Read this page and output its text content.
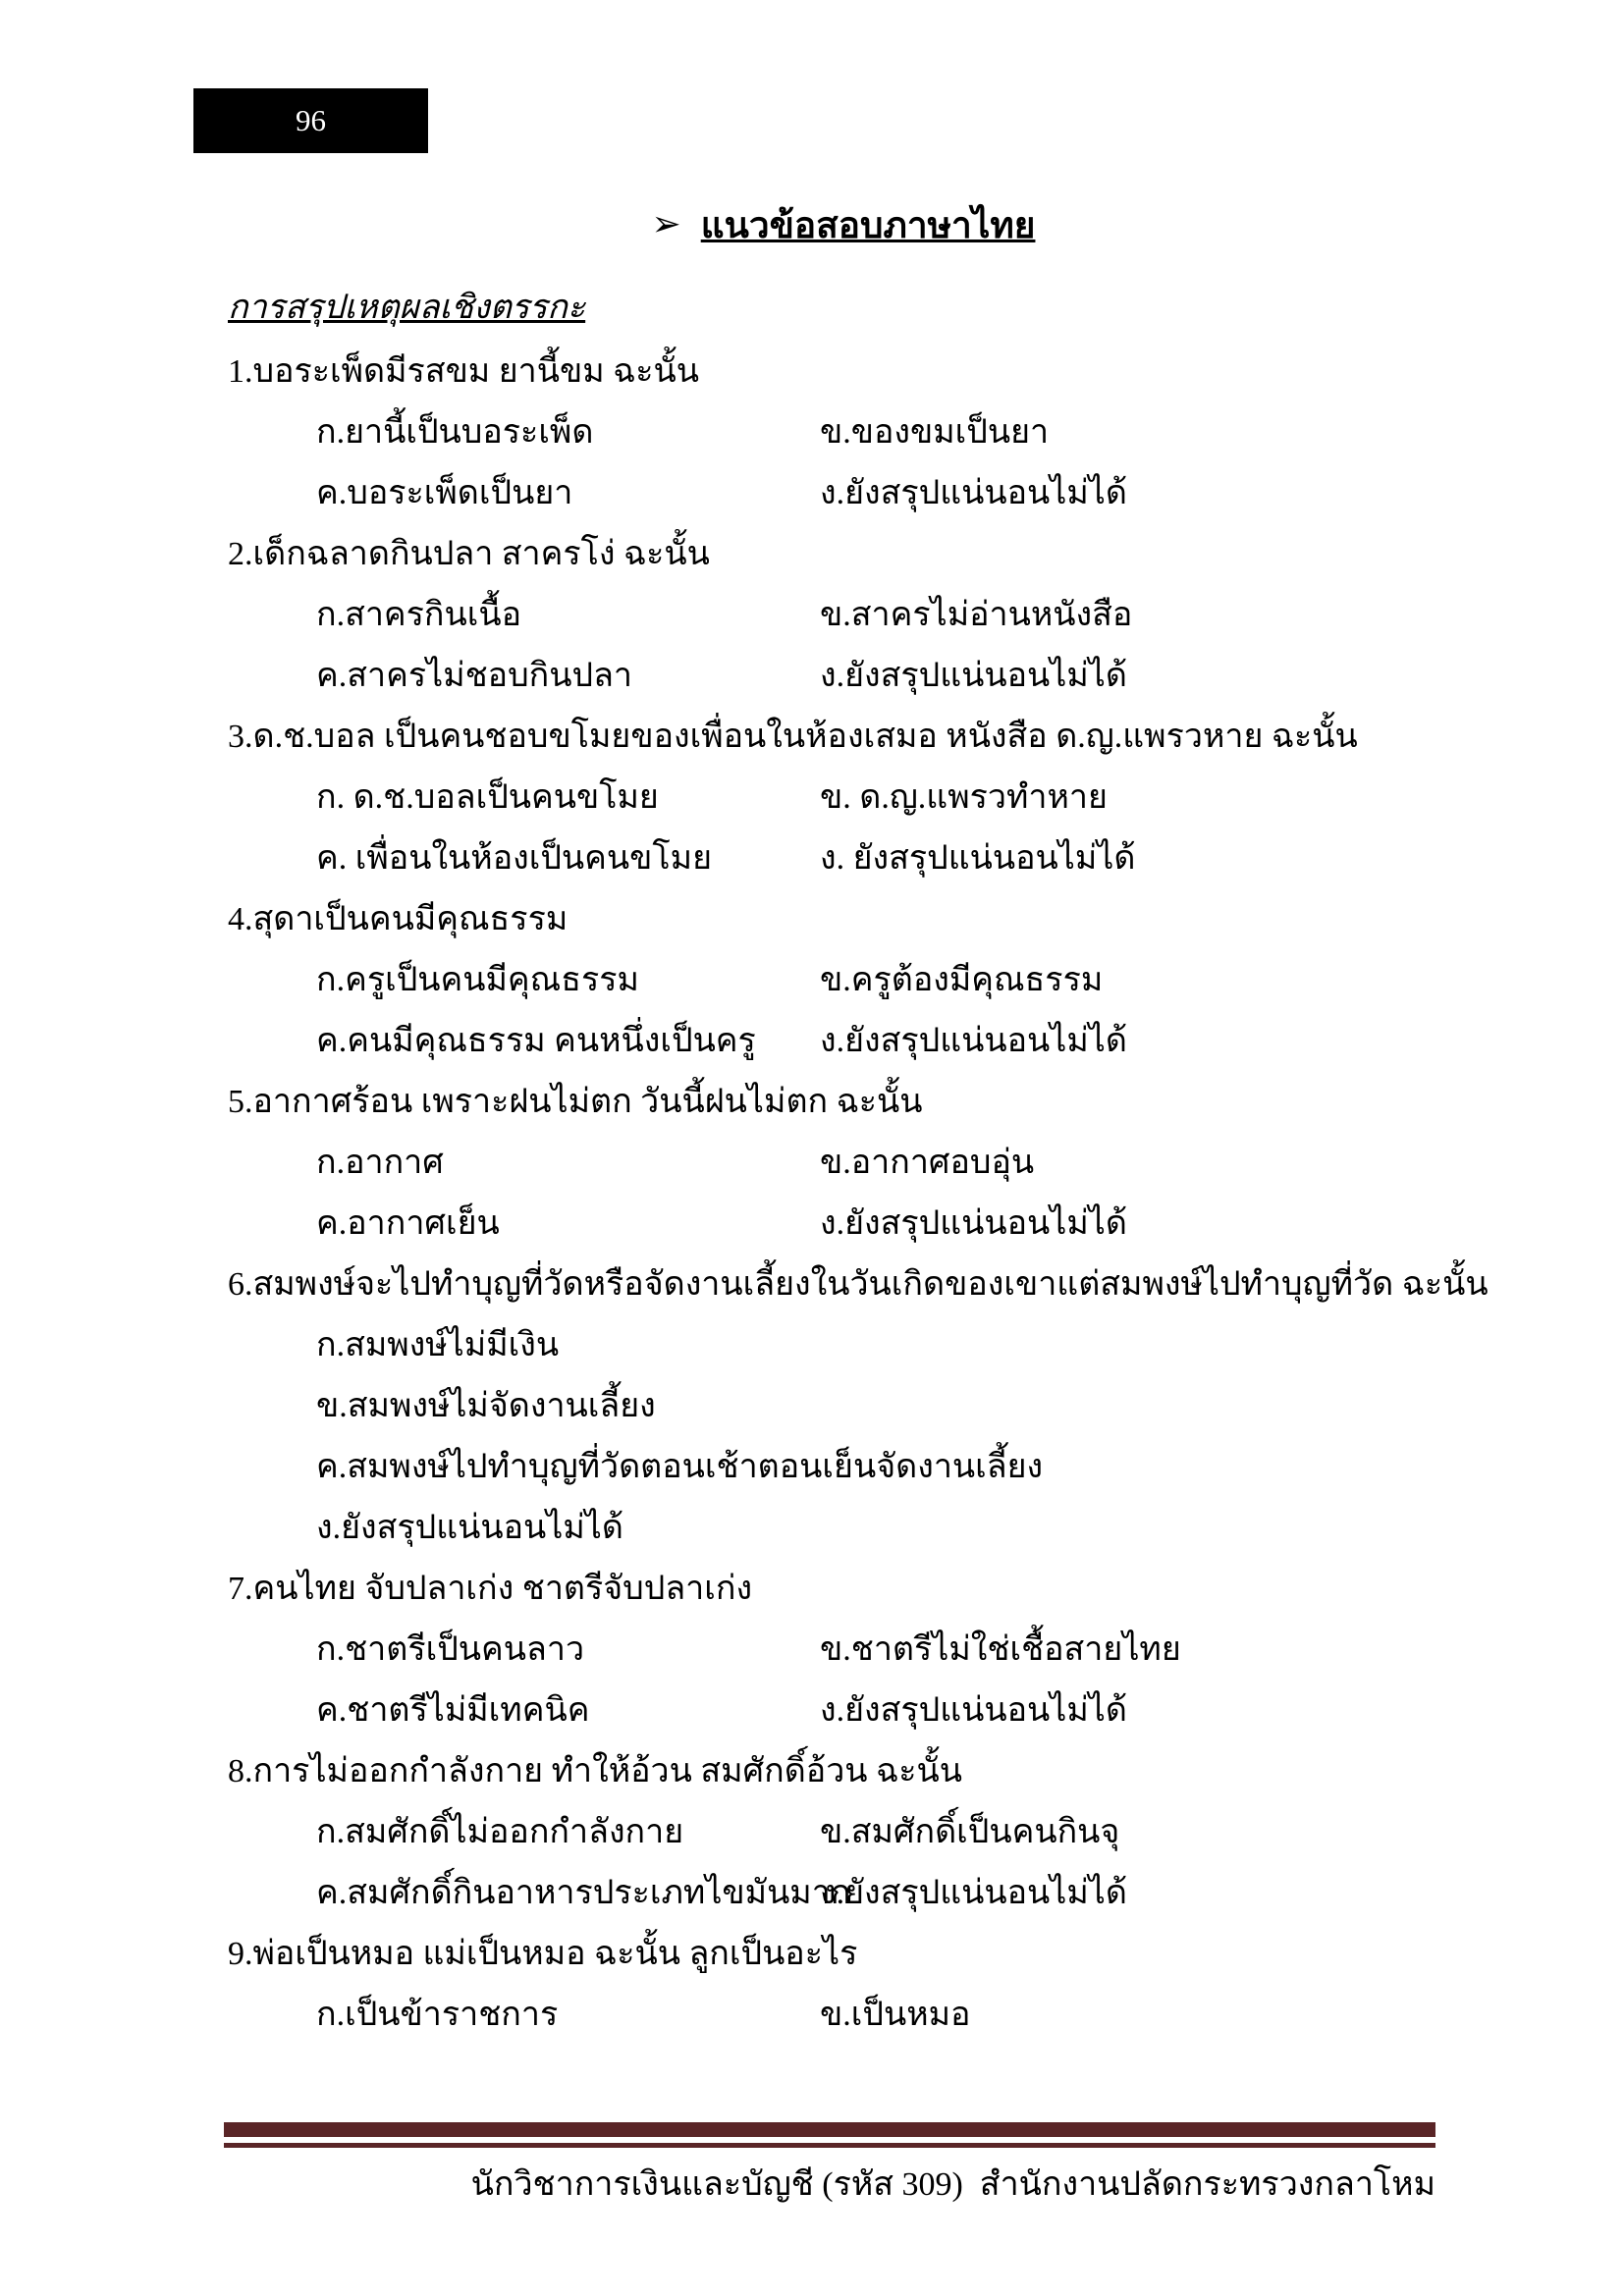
96
➢ แนวข้อสอบภาษาไทย
การสรุปเหตุผลเชิงตรรกะ
1.บอระเพ็ดมีรสขม ยานี้ขม ฉะนั้น
ก.ยานี้เป็นบอระเพ็ด	ข.ของขมเป็นยา
ค.บอระเพ็ดเป็นยา	ง.ยังสรุปแน่นอนไม่ได้
2.เด็กฉลาดกินปลา สาครโง่ ฉะนั้น
ก.สาครกินเนื้อ	ข.สาครไม่อ่านหนังสือ
ค.สาครไม่ชอบกินปลา	ง.ยังสรุปแน่นอนไม่ได้
3.ด.ช.บอล เป็นคนชอบขโมยของเพื่อนในห้องเสมอ หนังสือ ด.ญ.แพรวหาย ฉะนั้น
ก. ด.ช.บอลเป็นคนขโมย	ข. ด.ญ.แพรวทำหาย
ค. เพื่อนในห้องเป็นคนขโมย	ง. ยังสรุปแน่นอนไม่ได้
4.สุดาเป็นคนมีคุณธรรม
ก.ครูเป็นคนมีคุณธรรม	ข.ครูต้องมีคุณธรรม
ค.คนมีคุณธรรม คนหนึ่งเป็นครู ง.ยังสรุปแน่นอนไม่ได้
5.อากาศร้อน เพราะฝนไม่ตก วันนี้ฝนไม่ตก ฉะนั้น
ก.อากาศ	ข.อากาศอบอุ่น
ค.อากาศเย็น	ง.ยังสรุปแน่นอนไม่ได้
6.สมพงษ์จะไปทำบุญที่วัดหรือจัดงานเลี้ยงในวันเกิดของเขาแต่สมพงษ์ไปทำบุญที่วัด ฉะนั้น
ก.สมพงษ์ไม่มีเงิน
ข.สมพงษ์ไม่จัดงานเลี้ยง
ค.สมพงษ์ไปทำบุญที่วัดตอนเช้าตอนเย็นจัดงานเลี้ยง
ง.ยังสรุปแน่นอนไม่ได้
7.คนไทย จับปลาเก่ง ชาตรีจับปลาเก่ง
ก.ชาตรีเป็นคนลาว	ข.ชาตรีไม่ใช่เชื้อสายไทย
ค.ชาตรีไม่มีเทคนิค	ง.ยังสรุปแน่นอนไม่ได้
8.การไม่ออกกำลังกาย ทำให้อ้วน สมศักดิ์อ้วน ฉะนั้น
ก.สมศักดิ์ไม่ออกกำลังกาย	ข.สมศักดิ์เป็นคนกินจุ
ค.สมศักดิ์กินอาหารประเภทไขมันมาก
ง.ยังสรุปแน่นอนไม่ได้
9.พ่อเป็นหมอ แม่เป็นหมอ ฉะนั้น ลูกเป็นอะไร
ก.เป็นข้าราชการ	ข.เป็นหมอ
นักวิชาการเงินและบัญชี (รหัส 309)  สำนักงานปลัดกระทรวงกลาโหม
